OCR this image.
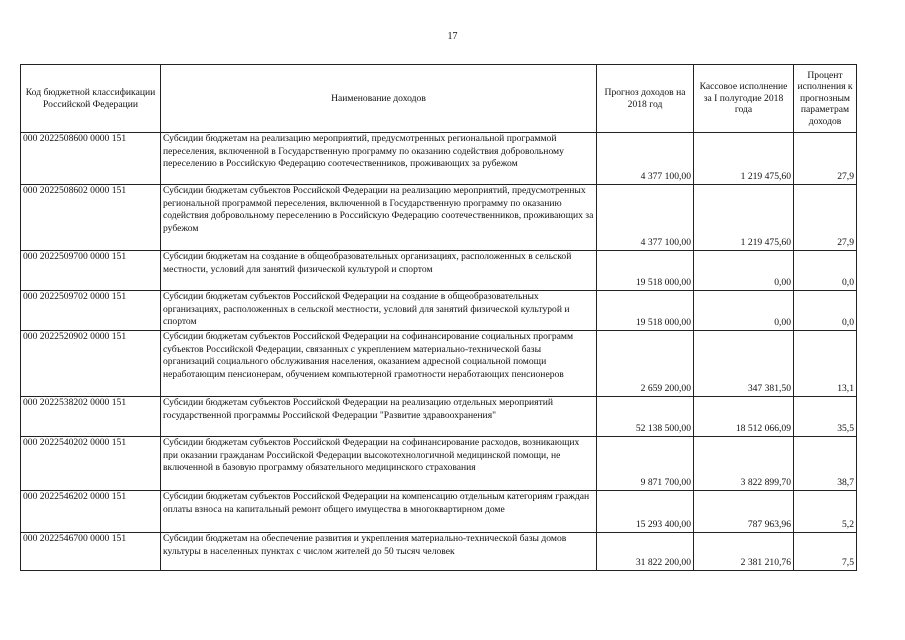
17
Код бюджетной классификации Российской Федерации	Наименование доходов	Прогноз доходов на 2018 год	Кассовое исполнение за I полугодие 2018 года	Процент исполнения к прогнозным параметрам доходов
000 2022508600 0000 151	Субсидии бюджетам на реализацию мероприятий, предусмотренных региональной программой переселения, включенной в Государственную программу по оказанию содействия добровольному переселению в Российскую Федерацию соотечественников, проживающих за рубежом	4 377 100,00	1 219 475,60	27,9
000 2022508602 0000 151	Субсидии бюджетам субъектов Российской Федерации на реализацию мероприятий, предусмотренных региональной программой переселения, включенной в Государственную программу по оказанию содействия добровольному переселению в Российскую Федерацию соотечественников, проживающих за рубежом	4 377 100,00	1 219 475,60	27,9
000 2022509700 0000 151	Субсидии бюджетам на создание в общеобразовательных организациях, расположенных в сельской местности, условий для занятий физической культурой и спортом	19 518 000,00	0,00	0,0
000 2022509702 0000 151	Субсидии бюджетам субъектов Российской Федерации на создание в общеобразовательных организациях, расположенных в сельской местности, условий для занятий физической культурой и спортом	19 518 000,00	0,00	0,0
000 2022520902 0000 151	Субсидии бюджетам субъектов Российской Федерации на софинансирование социальных программ субъектов Российской Федерации, связанных с укреплением материально-технической базы организаций социального обслуживания населения, оказанием адресной социальной помощи неработающим пенсионерам, обучением компьютерной грамотности неработающих пенсионеров	2 659 200,00	347 381,50	13,1
000 2022538202 0000 151	Субсидии бюджетам субъектов Российской Федерации на реализацию отдельных мероприятий государственной программы Российской Федерации "Развитие здравоохранения"	52 138 500,00	18 512 066,09	35,5
000 2022540202 0000 151	Субсидии бюджетам субъектов Российской Федерации на софинансирование расходов, возникающих при оказании гражданам Российской Федерации высокотехнологичной медицинской помощи, не включенной в базовую программу обязательного медицинского страхования	9 871 700,00	3 822 899,70	38,7
000 2022546202 0000 151	Субсидии бюджетам субъектов Российской Федерации на компенсацию отдельным категориям граждан оплаты взноса на капитальный ремонт общего имущества в многоквартирном доме	15 293 400,00	787 963,96	5,2
000 2022546700 0000 151	Субсидии бюджетам на обеспечение развития и укрепления материально-технической базы домов культуры в населенных пунктах с числом жителей до 50 тысяч человек	31 822 200,00	2 381 210,76	7,5
